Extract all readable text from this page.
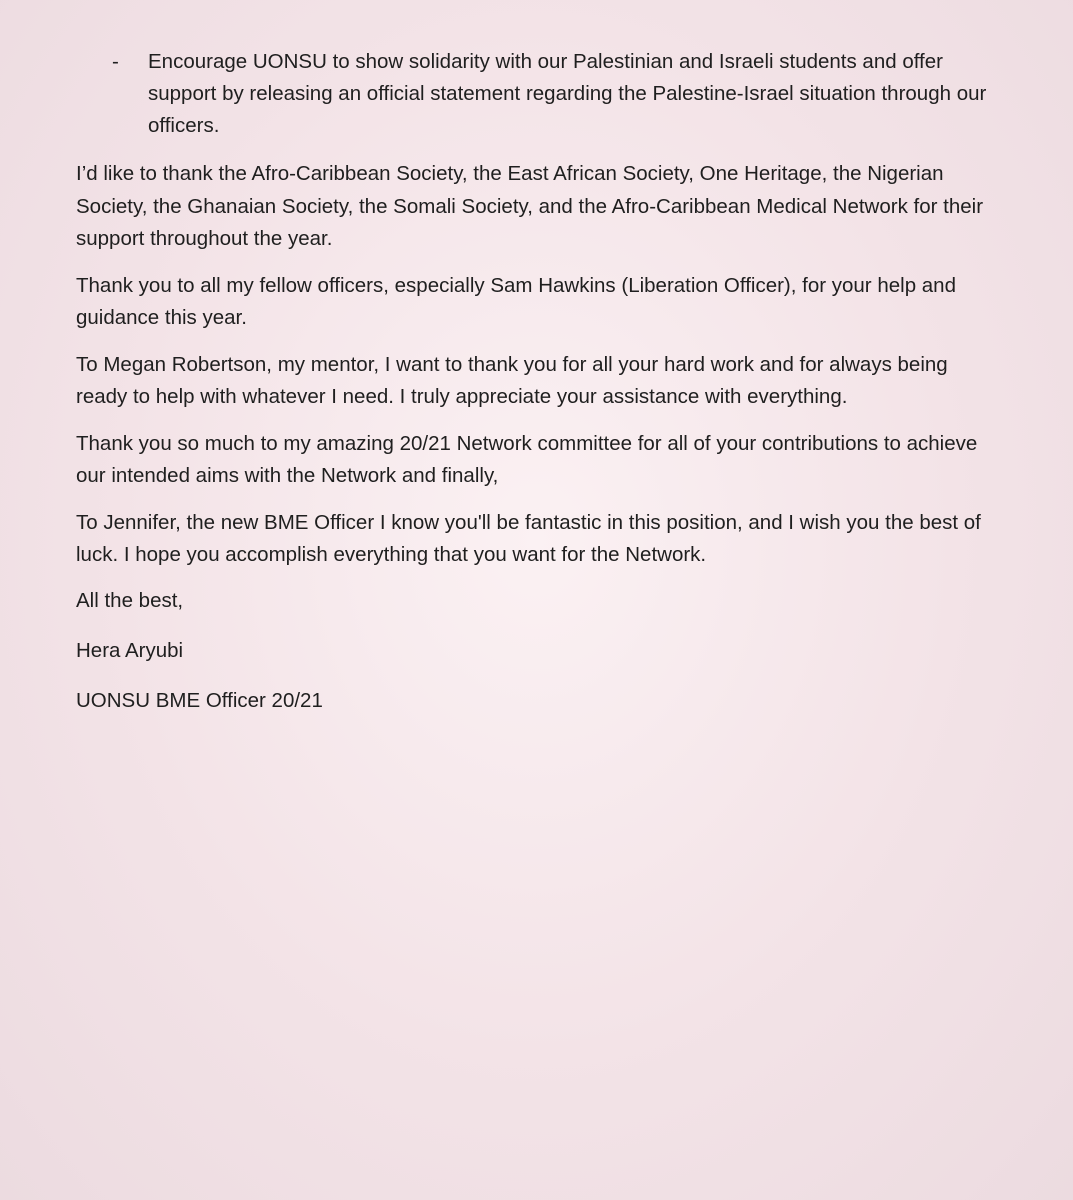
- Encourage UONSU to show solidarity with our Palestinian and Israeli students and offer support by releasing an official statement regarding the Palestine-Israel situation through our officers.

I’d like to thank the Afro-Caribbean Society, the East African Society, One Heritage, the Nigerian Society, the Ghanaian Society, the Somali Society, and the Afro-Caribbean Medical Network for their support throughout the year.

Thank you to all my fellow officers, especially Sam Hawkins (Liberation Officer), for your help and guidance this year.

To Megan Robertson, my mentor, I want to thank you for all your hard work and for always being ready to help with whatever I need. I truly appreciate your assistance with everything.

Thank you so much to my amazing 20/21 Network committee for all of your contributions to achieve our intended aims with the Network and finally,

To Jennifer, the new BME Officer I know you'll be fantastic in this position, and I wish you the best of luck. I hope you accomplish everything that you want for the Network.

All the best,

Hera Aryubi

UONSU BME Officer 20/21
